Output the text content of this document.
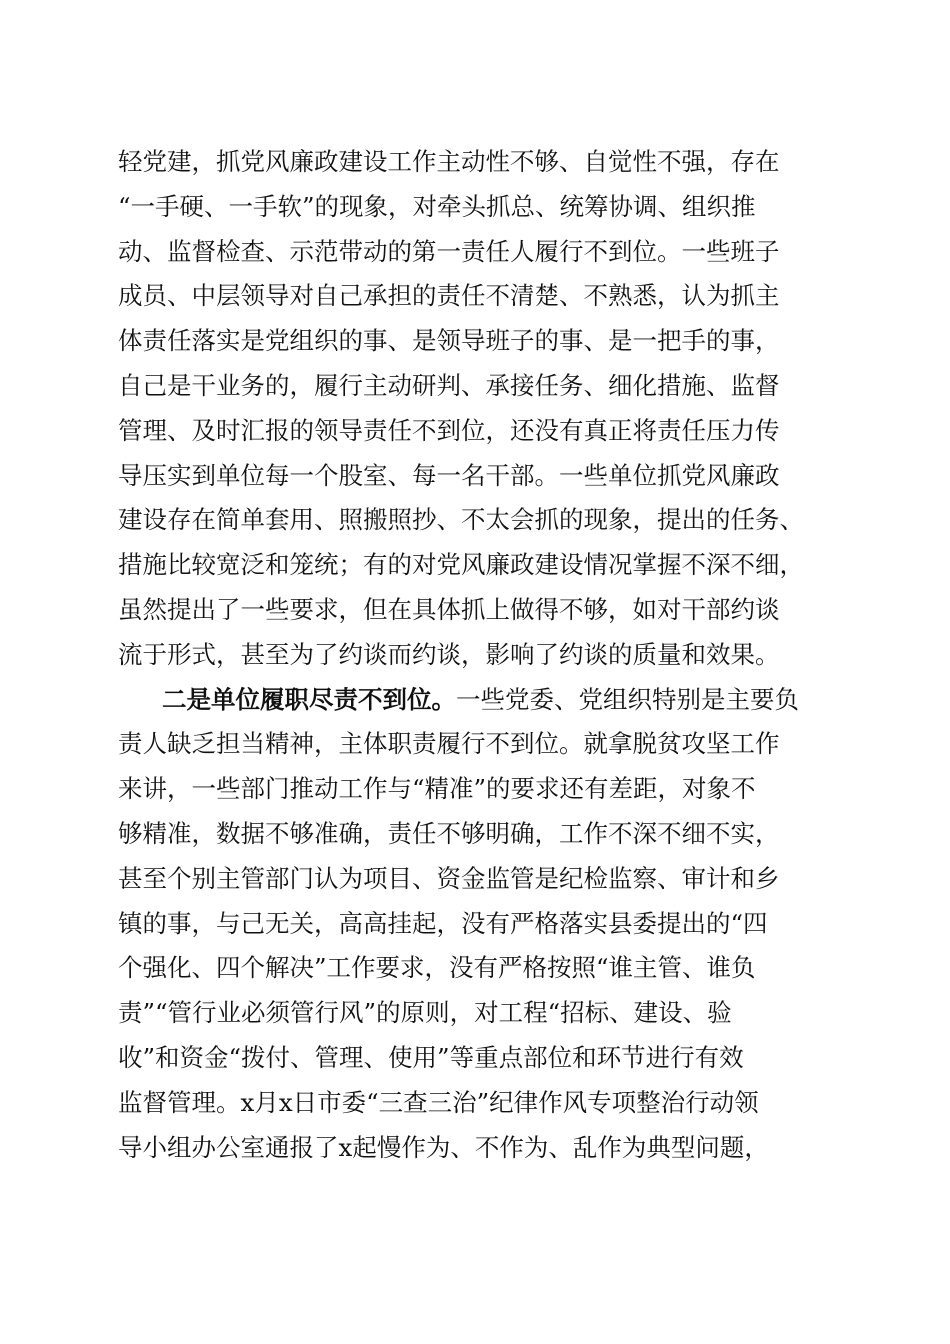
轻党建，抓党风廉政建设工作主动性不够、自觉性不强，存在
“一手硬、一手软”的现象，对牵头抓总、统筹协调、组织推
动、监督检查、示范带动的第一责任人履行不到位。一些班子
成员、中层领导对自己承担的责任不清楚、不熟悉，认为抓主
体责任落实是党组织的事、是领导班子的事、是一把手的事，
自己是干业务的，履行主动研判、承接任务、细化措施、监督
管理、及时汇报的领导责任不到位，还没有真正将责任压力传
导压实到单位每一个股室、每一名干部。一些单位抓党风廉政
建设存在简单套用、照搬照抄、不太会抓的现象，提出的任务、
措施比较宽泛和笼统；有的对党风廉政建设情况掌握不深不细，
虽然提出了一些要求，但在具体抓上做得不够，如对干部约谈
流于形式，甚至为了约谈而约谈，影响了约谈的质量和效果。
二是单位履职尽责不到位。一些党委、党组织特别是主要负
责人缺乏担当精神，主体职责履行不到位。就拿脱贫攻坚工作
来讲，一些部门推动工作与“精准”的要求还有差距，对象不
够精准，数据不够准确，责任不够明确，工作不深不细不实，
甚至个别主管部门认为项目、资金监管是纪检监察、审计和乡
镇的事，与己无关，高高挂起，没有严格落实县委提出的“四
个强化、四个解决”工作要求，没有严格按照“谁主管、谁负
责”“管行业必须管行风”的原则，对工程“招标、建设、验
收”和资金“拨付、管理、使用”等重点部位和环节进行有效
监督管理。x月x日市委“三查三治”纪律作风专项整治行动领
导小组办公室通报了x起慢作为、不作为、乱作为典型问题，
